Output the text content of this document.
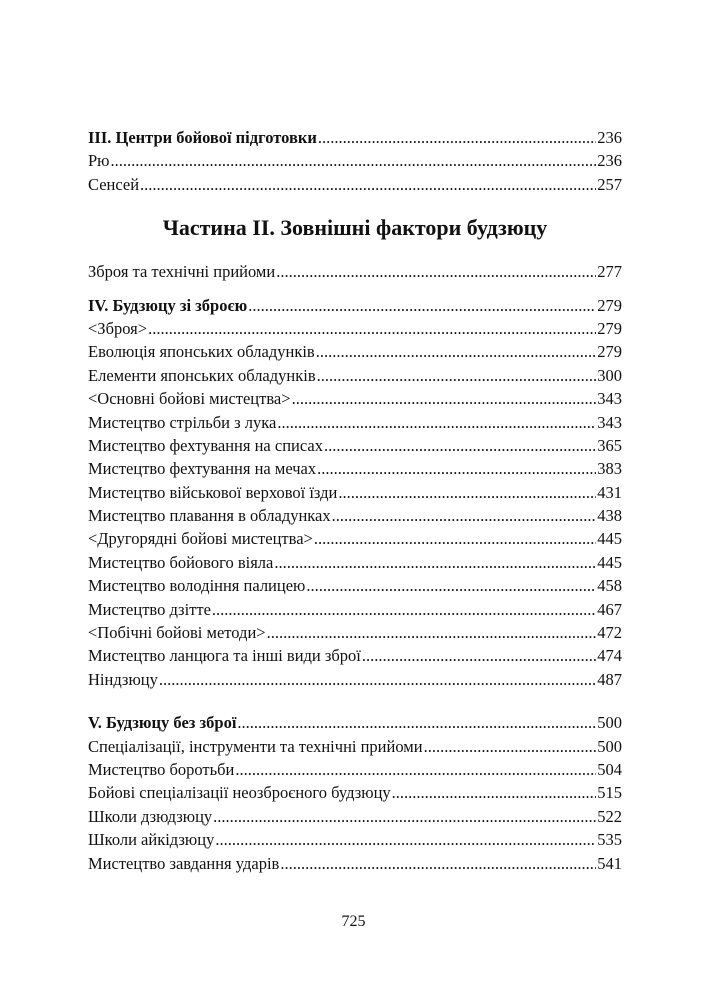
ІІІ. Центри бойової підготовки .....	236
Рю .....	236
Сенсей .....	257
Частина ІІ. Зовнішні фактори будзюцу
Зброя та технічні прийоми .....	277
IV. Будзюцу зі зброєю .....	279
<Зброя> .....	279
Еволюція японських обладунків .....	279
Елементи японських обладунків .....	300
<Основні бойові мистецтва> .....	343
Мистецтво стрільби з лука .....	343
Мистецтво фехтування на списах .....	365
Мистецтво фехтування на мечах .....	383
Мистецтво військової верхової їзди .....	431
Мистецтво плавання в обладунках .....	438
<Другорядні бойові мистецтва> .....	445
Мистецтво бойового віяла .....	445
Мистецтво володіння палицею .....	458
Мистецтво дзітте .....	467
<Побічні бойові методи> .....	472
Мистецтво ланцюга та інші види зброї .....	474
Ніндзюцу .....	487
V. Будзюцу без зброї .....	500
Спеціалізації, інструменти та технічні прийоми .....	500
Мистецтво боротьби .....	504
Бойові спеціалізації неозброєного будзюцу .....	515
Школи дзюдзюцу .....	522
Школи айкідзюцу .....	535
Мистецтво завдання ударів .....	541
725
